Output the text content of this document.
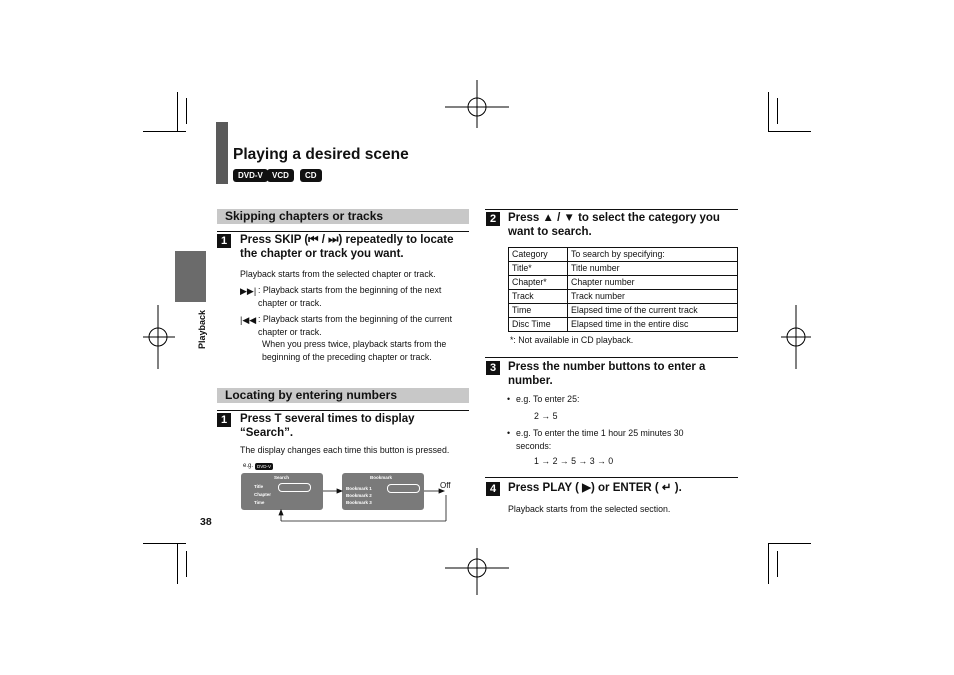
Playing a desired scene
DVD-V	VCD	CD
Playback
38
Skipping chapters or tracks
1	Press SKIP (⏮ / ⏭) repeatedly to locate the chapter or track you want.
Playback starts from the selected chapter or track.
▶▶| : Playback starts from the beginning of the next chapter or track.
|◀◀ : Playback starts from the beginning of the current chapter or track.
When you press twice, playback starts from the beginning of the preceding chapter or track.
Locating by entering numbers
1	Press T several times to display “Search”.
The display changes each time this button is pressed.
e.g. DVD-V
Search
Title
Chapter
Time
Bookmark
Bookmark 1
Bookmark 2
Bookmark 3
Off
2	Press ▲ / ▼ to select the category you want to search.
Category	To search by specifying:
Title*	Title number
Chapter*	Chapter number
Track	Track number
Time	Elapsed time of the current track
Disc Time	Elapsed time in the entire disc
*: Not available in CD playback.
3	Press the number buttons to enter a number.
• e.g. To enter 25:
2 → 5
• e.g. To enter the time 1 hour 25 minutes 30 seconds:
1 → 2 → 5 → 3 → 0
4	Press PLAY ( ▶) or ENTER ( ↵ ).
Playback starts from the selected section.
